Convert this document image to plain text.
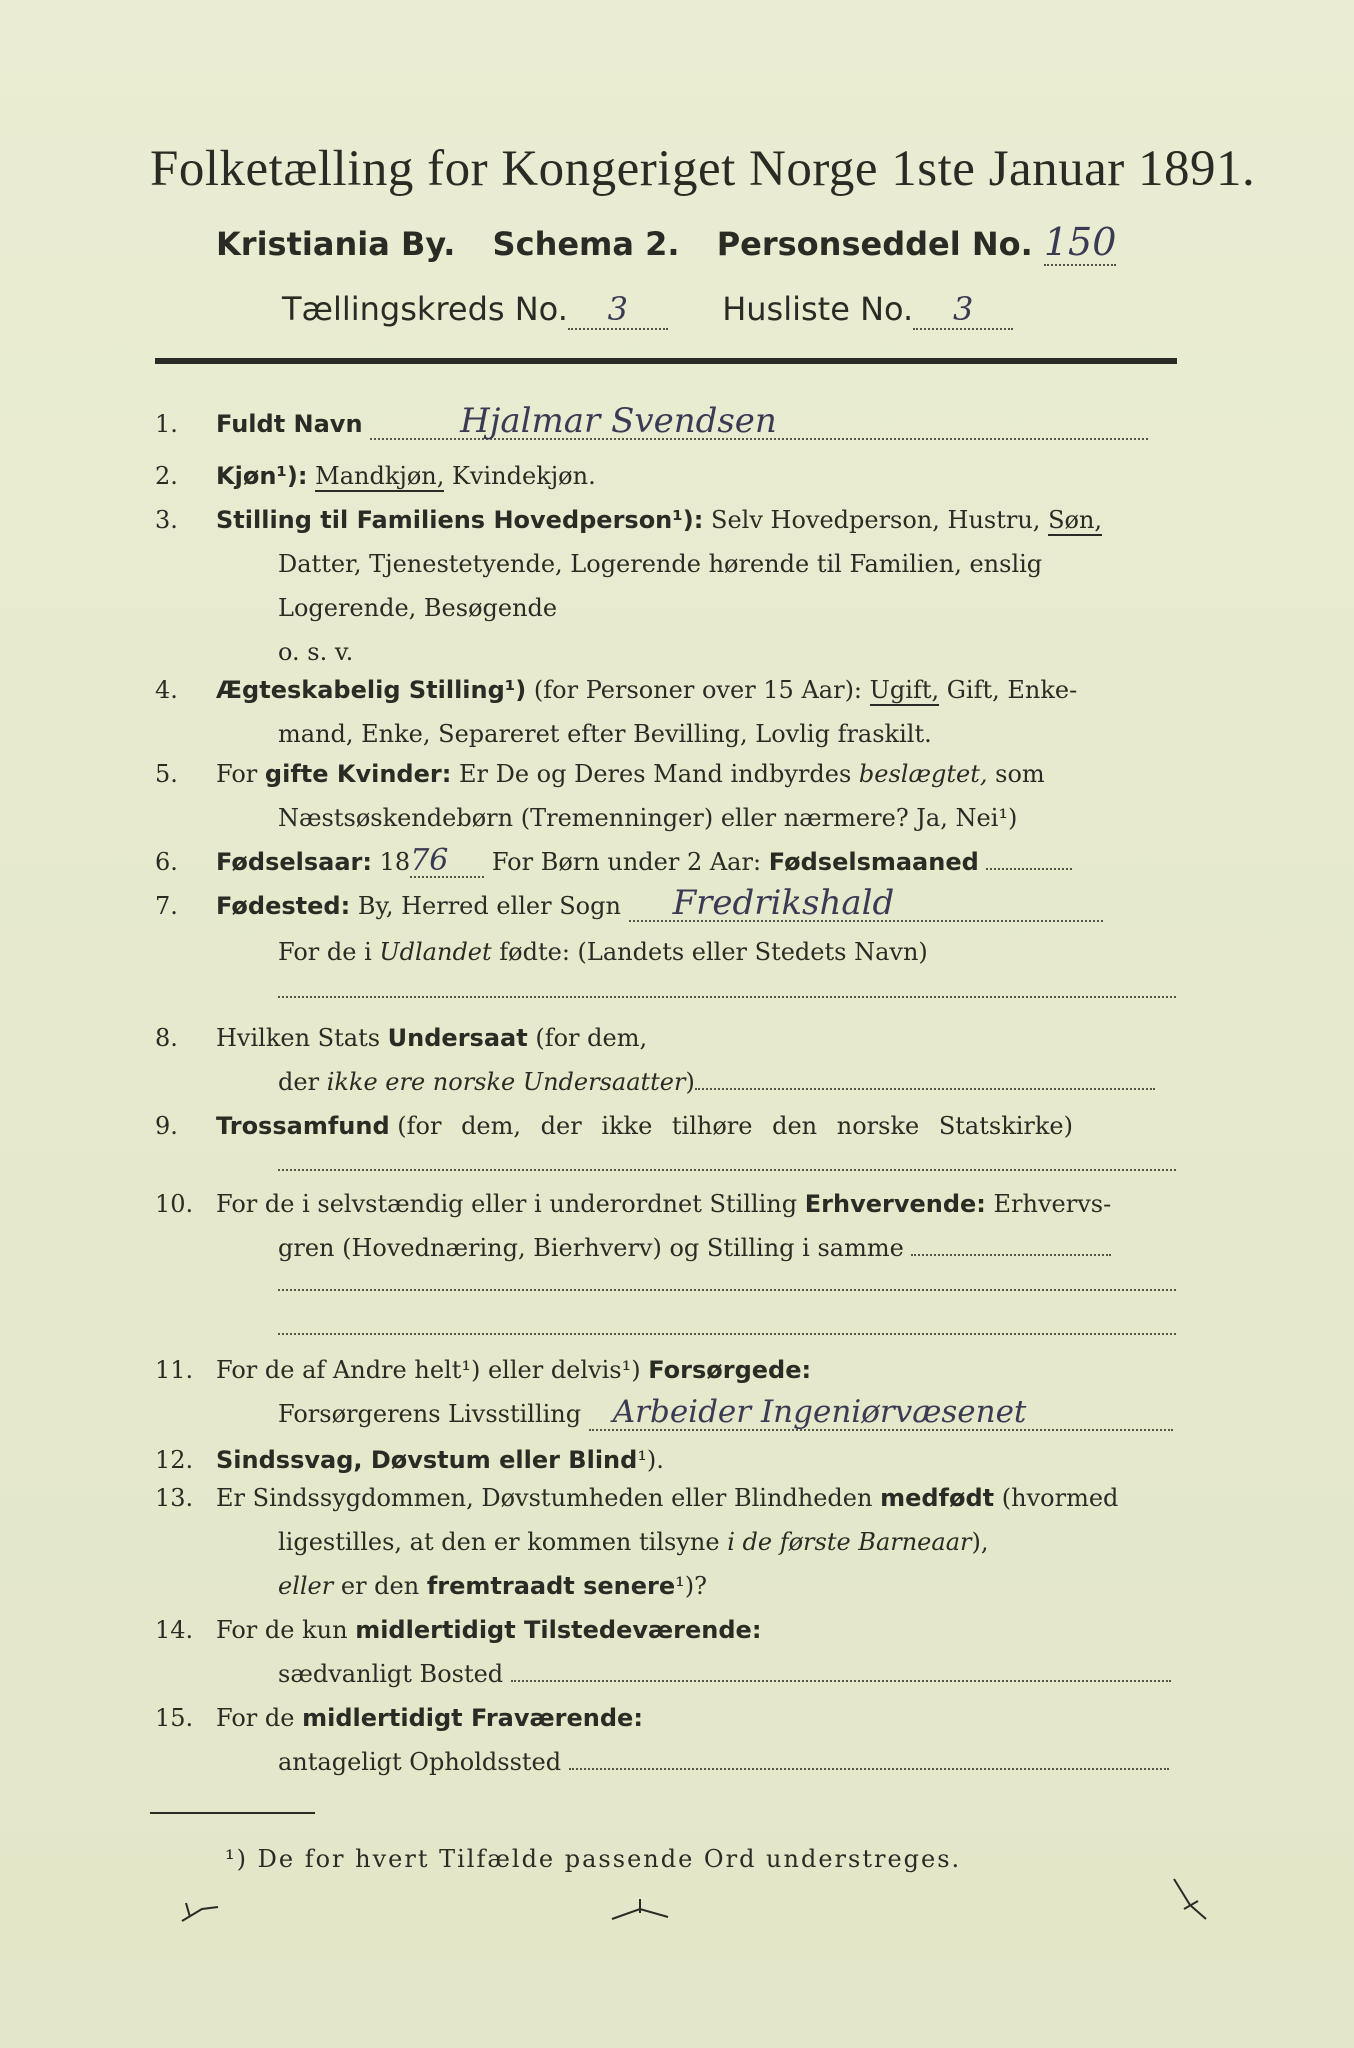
Folketælling for Kongeriget Norge 1ste Januar 1891.
Kristiania By. Schema 2. Personseddel No. 150
Tællingskreds No. 3	Husliste No. 3
1.	Fuldt Navn	Hjalmar Svendsen
2.	Kjøn¹): Mandkjøn, Kvindekjøn.
3.	Stilling til Familiens Hovedperson¹): Selv Hovedperson, Hustru, Søn,
Datter, Tjenestetyende, Logerende hørende til Familien, enslig
Logerende, Besøgende
o. s. v.
4.	Ægteskabelig Stilling¹) (for Personer over 15 Aar): Ugift, Gift, Enke-
mand, Enke, Separeret efter Bevilling, Lovlig fraskilt.
5.	For gifte Kvinder: Er De og Deres Mand indbyrdes beslægtet, som
Næstsøskendebørn (Tremenninger) eller nærmere? Ja, Nei¹)
6.	Fødselsaar: 1876 For Børn under 2 Aar: Fødselsmaaned
7.	Fødested: By, Herred eller Sogn Fredrikshald
For de i Udlandet fødte: (Landets eller Stedets Navn)
8.	Hvilken Stats Undersaat (for dem,
der ikke ere norske Undersaatter)
9.	Trossamfund (for dem, der ikke tilhøre den norske Statskirke)
10. For de i selvstændig eller i underordnet Stilling Erhvervende: Erhvervs-
gren (Hovednæring, Bierhverv) og Stilling i samme
11. For de af Andre helt¹) eller delvis¹) Forsørgede:
Forsørgerens Livsstilling Arbeider Ingeniørvæsenet
12. Sindssvag, Døvstum eller Blind¹).
13. Er Sindssygdommen, Døvstumheden eller Blindheden medfødt (hvormed
ligestilles, at den er kommen tilsyne i de første Barneaar),
eller er den fremtraadt senere¹)?
14. For de kun midlertidigt Tilstedeværende:
sædvanligt Bosted
15. For de midlertidigt Fraværende:
antageligt Opholdssted
¹) De for hvert Tilfælde passende Ord understreges.
